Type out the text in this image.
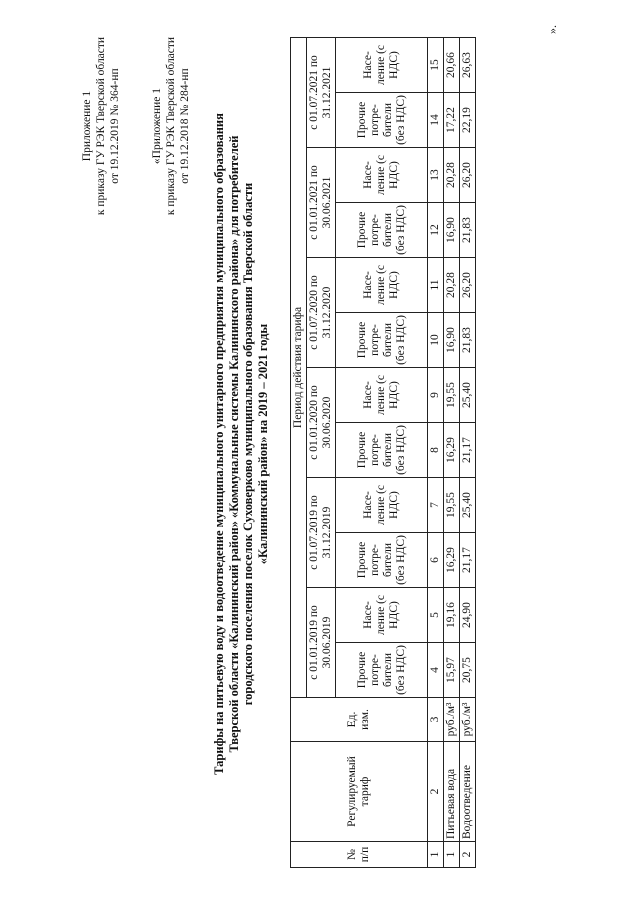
Приложение 1 к приказу ГУ РЭК Тверской области от 19.12.2019 № 364-нп	«Приложение 1 к приказу ГУ РЭК Тверской области от 19.12.2018 № 284-нп Тарифы на питьевую воду и водоотведение муниципального унитарного предприятия муниципального образования Тверской области «Калининский район» «Коммунальные системы Калининского района» для потребителей городского поселения поселок Суховерково муниципального образования Тверской области «Калининский район» на 2019 – 2021 годы
№ п/п	Регулируемый тариф	Ед. изм.	Период действия тарифа											
			с 01.01.2019 по 30.06.2019		с 01.07.2019 по 31.12.2019		с 01.01.2020 по 30.06.2020		с 01.07.2020 по 31.12.2020		с 01.01.2021 по 30.06.2021		с 01.07.2021 по 31.12.2021	
			Прочие потре-бители (без НДС)	Насе-ление (с НДС)	Прочие потре-бители (без НДС)	Насе-ление (с НДС)	Прочие потре-бители (без НДС)	Насе-ление (с НДС)	Прочие потре-бители (без НДС)	Насе-ление (с НДС)	Прочие потре-бители (без НДС)	Насе-ление (с НДС)	Прочие потре-бители (без НДС)	Насе-ление (с НДС)
1	2	3	4	5	6	7	8	9	10	11	12	13	14	15
1	Питьевая вода	руб./м³	15,97	19,16	16,29	19,55	16,29	19,55	16,90	20,28	16,90	20,28	17,22	20,66
2	Водоотведение	руб./м³	20,75	24,90	21,17	25,40	21,17	25,40	21,83	26,20	21,83	26,20	22,19	26,63
».
